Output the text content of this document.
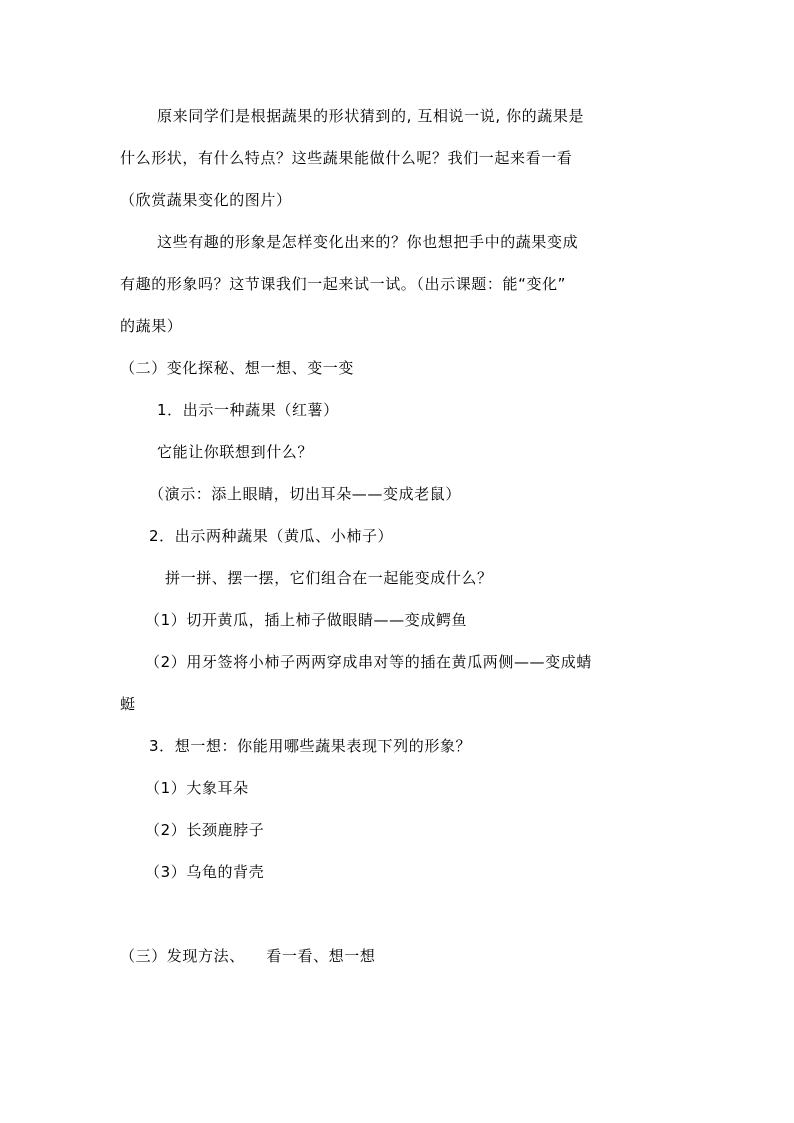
原来同学们是根据蔬果的形状猜到的, 互相说一说, 你的蔬果是
什么形状，有什么特点？这些蔬果能做什么呢？我们一起来看一看
（欣赏蔬果变化的图片）
这些有趣的形象是怎样变化出来的？你也想把手中的蔬果变成
有趣的形象吗？这节课我们一起来试一试。（出示课题：能“变化”
的蔬果）
（二）变化探秘、想一想、变一变
1．出示一种蔬果（红薯）
它能让你联想到什么？
（演示：添上眼睛，切出耳朵——变成老鼠）
2．出示两种蔬果（黄瓜、小柿子）
拼一拼、摆一摆，它们组合在一起能变成什么？
（1）切开黄瓜，插上柿子做眼睛——变成鳄鱼
（2）用牙签将小柿子两两穿成串对等的插在黄瓜两侧——变成蜻
蜓
3．想一想：你能用哪些蔬果表现下列的形象？
（1）大象耳朵
（2）长颈鹿脖子
（3）乌龟的背壳
（三）发现方法、    看一看、想一想
